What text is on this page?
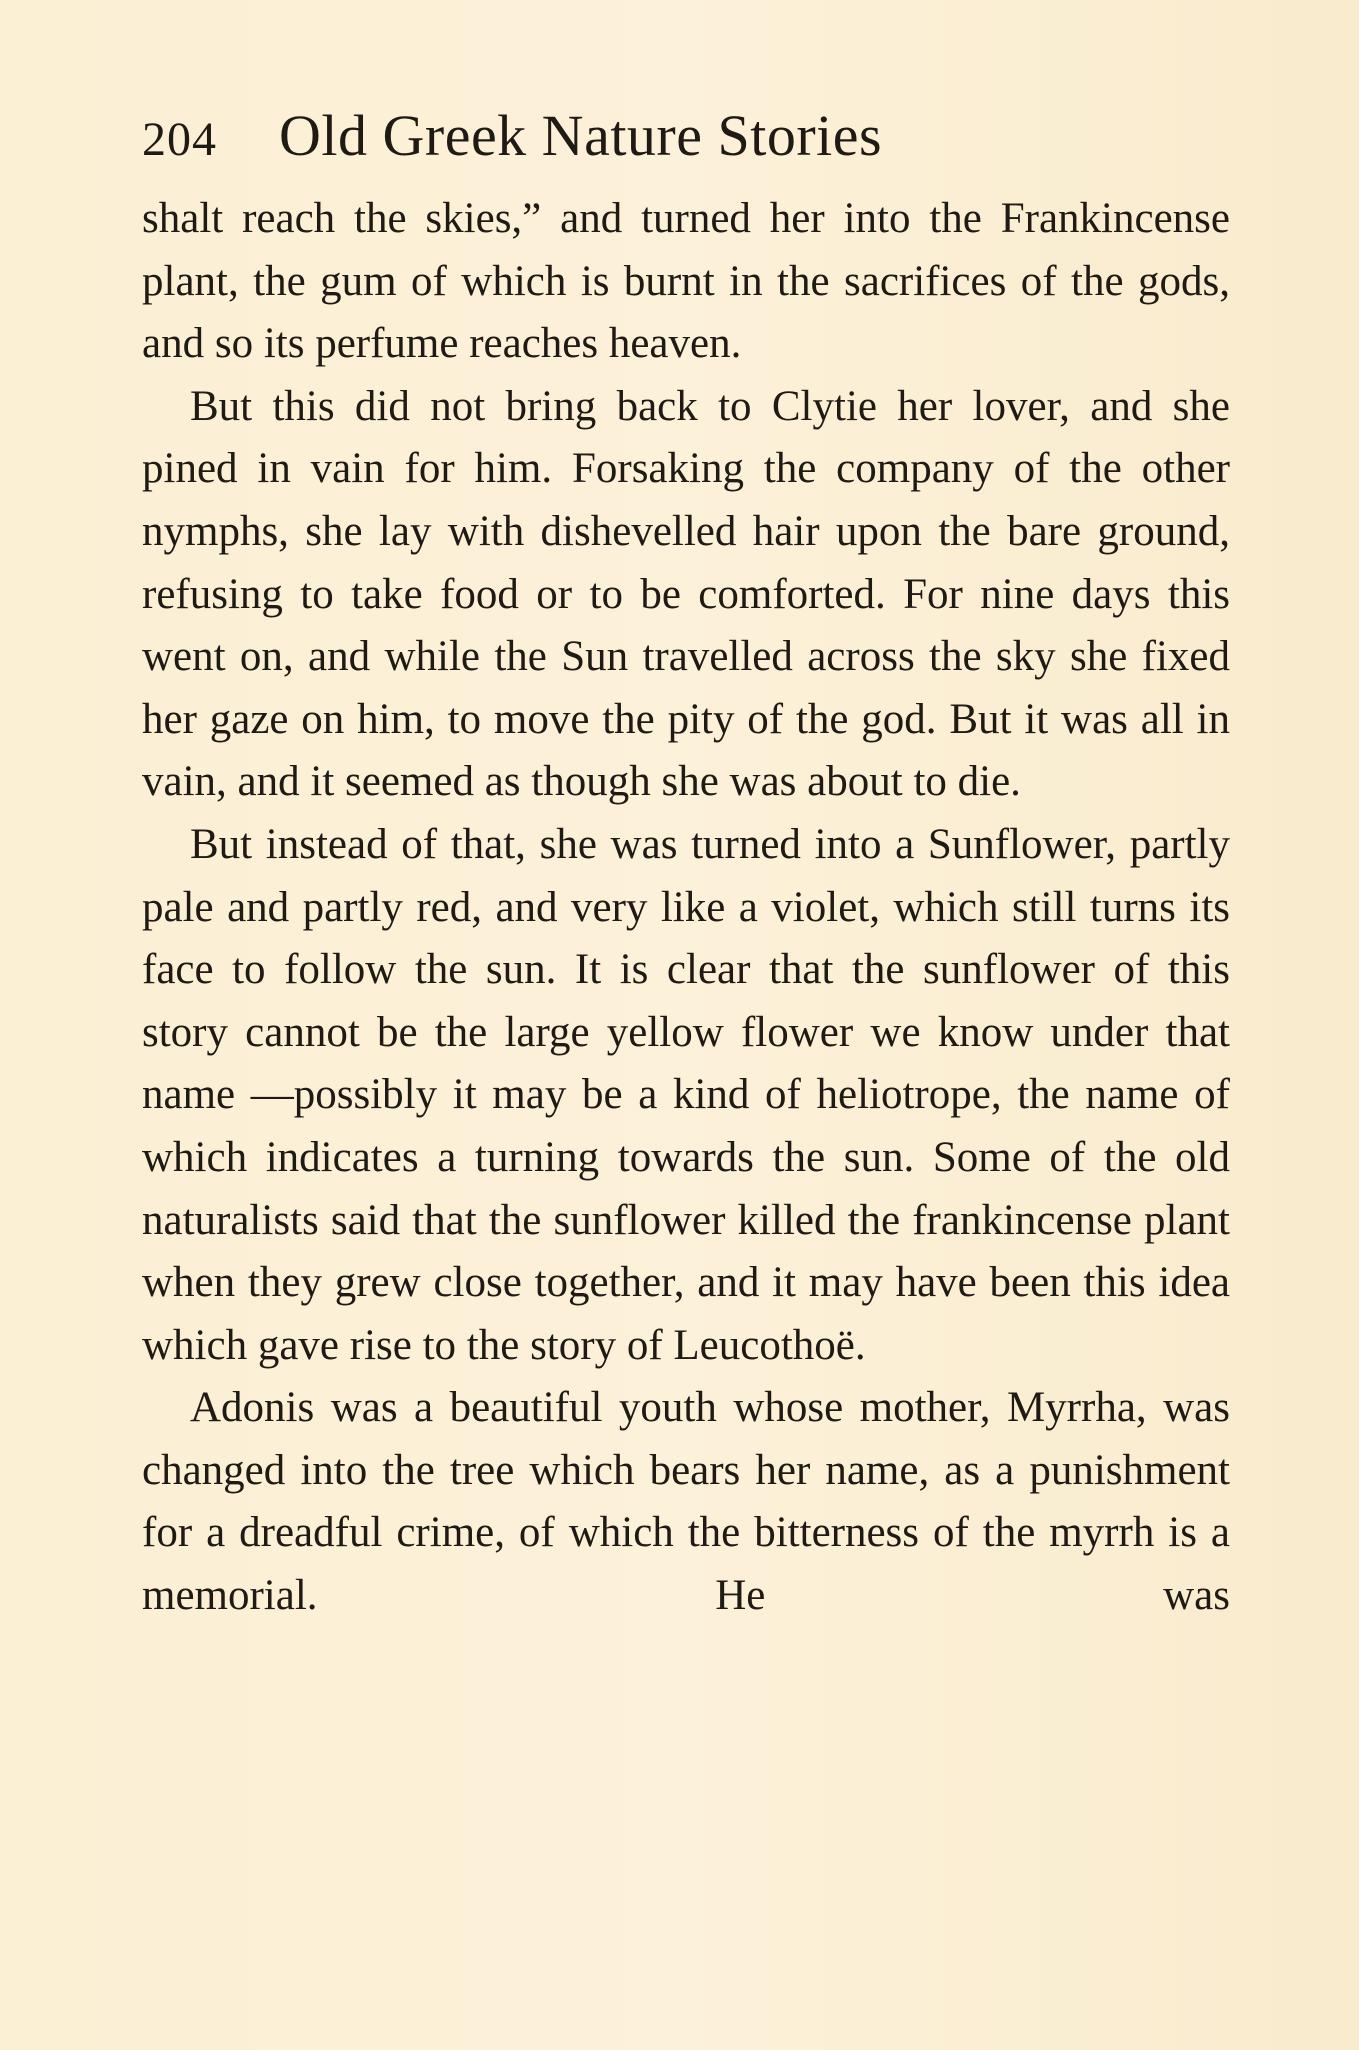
204 Old Greek Nature Stories

shalt reach the skies,” and turned her into the Frankincense plant, the gum of which is burnt in the sacrifices of the gods, and so its perfume reaches heaven.

But this did not bring back to Clytie her lover, and she pined in vain for him. Forsaking the company of the other nymphs, she lay with dishevelled hair upon the bare ground, refusing to take food or to be comforted. For nine days this went on, and while the Sun travelled across the sky she fixed her gaze on him, to move the pity of the god. But it was all in vain, and it seemed as though she was about to die.

But instead of that, she was turned into a Sunflower, partly pale and partly red, and very like a violet, which still turns its face to follow the sun. It is clear that the sunflower of this story cannot be the large yellow flower we know under that name —possibly it may be a kind of heliotrope, the name of which indicates a turning towards the sun. Some of the old naturalists said that the sunflower killed the frankincense plant when they grew close together, and it may have been this idea which gave rise to the story of Leucothoë.

Adonis was a beautiful youth whose mother, Myrrha, was changed into the tree which bears her name, as a punishment for a dreadful crime, of which the bitterness of the myrrh is a memorial. He was
